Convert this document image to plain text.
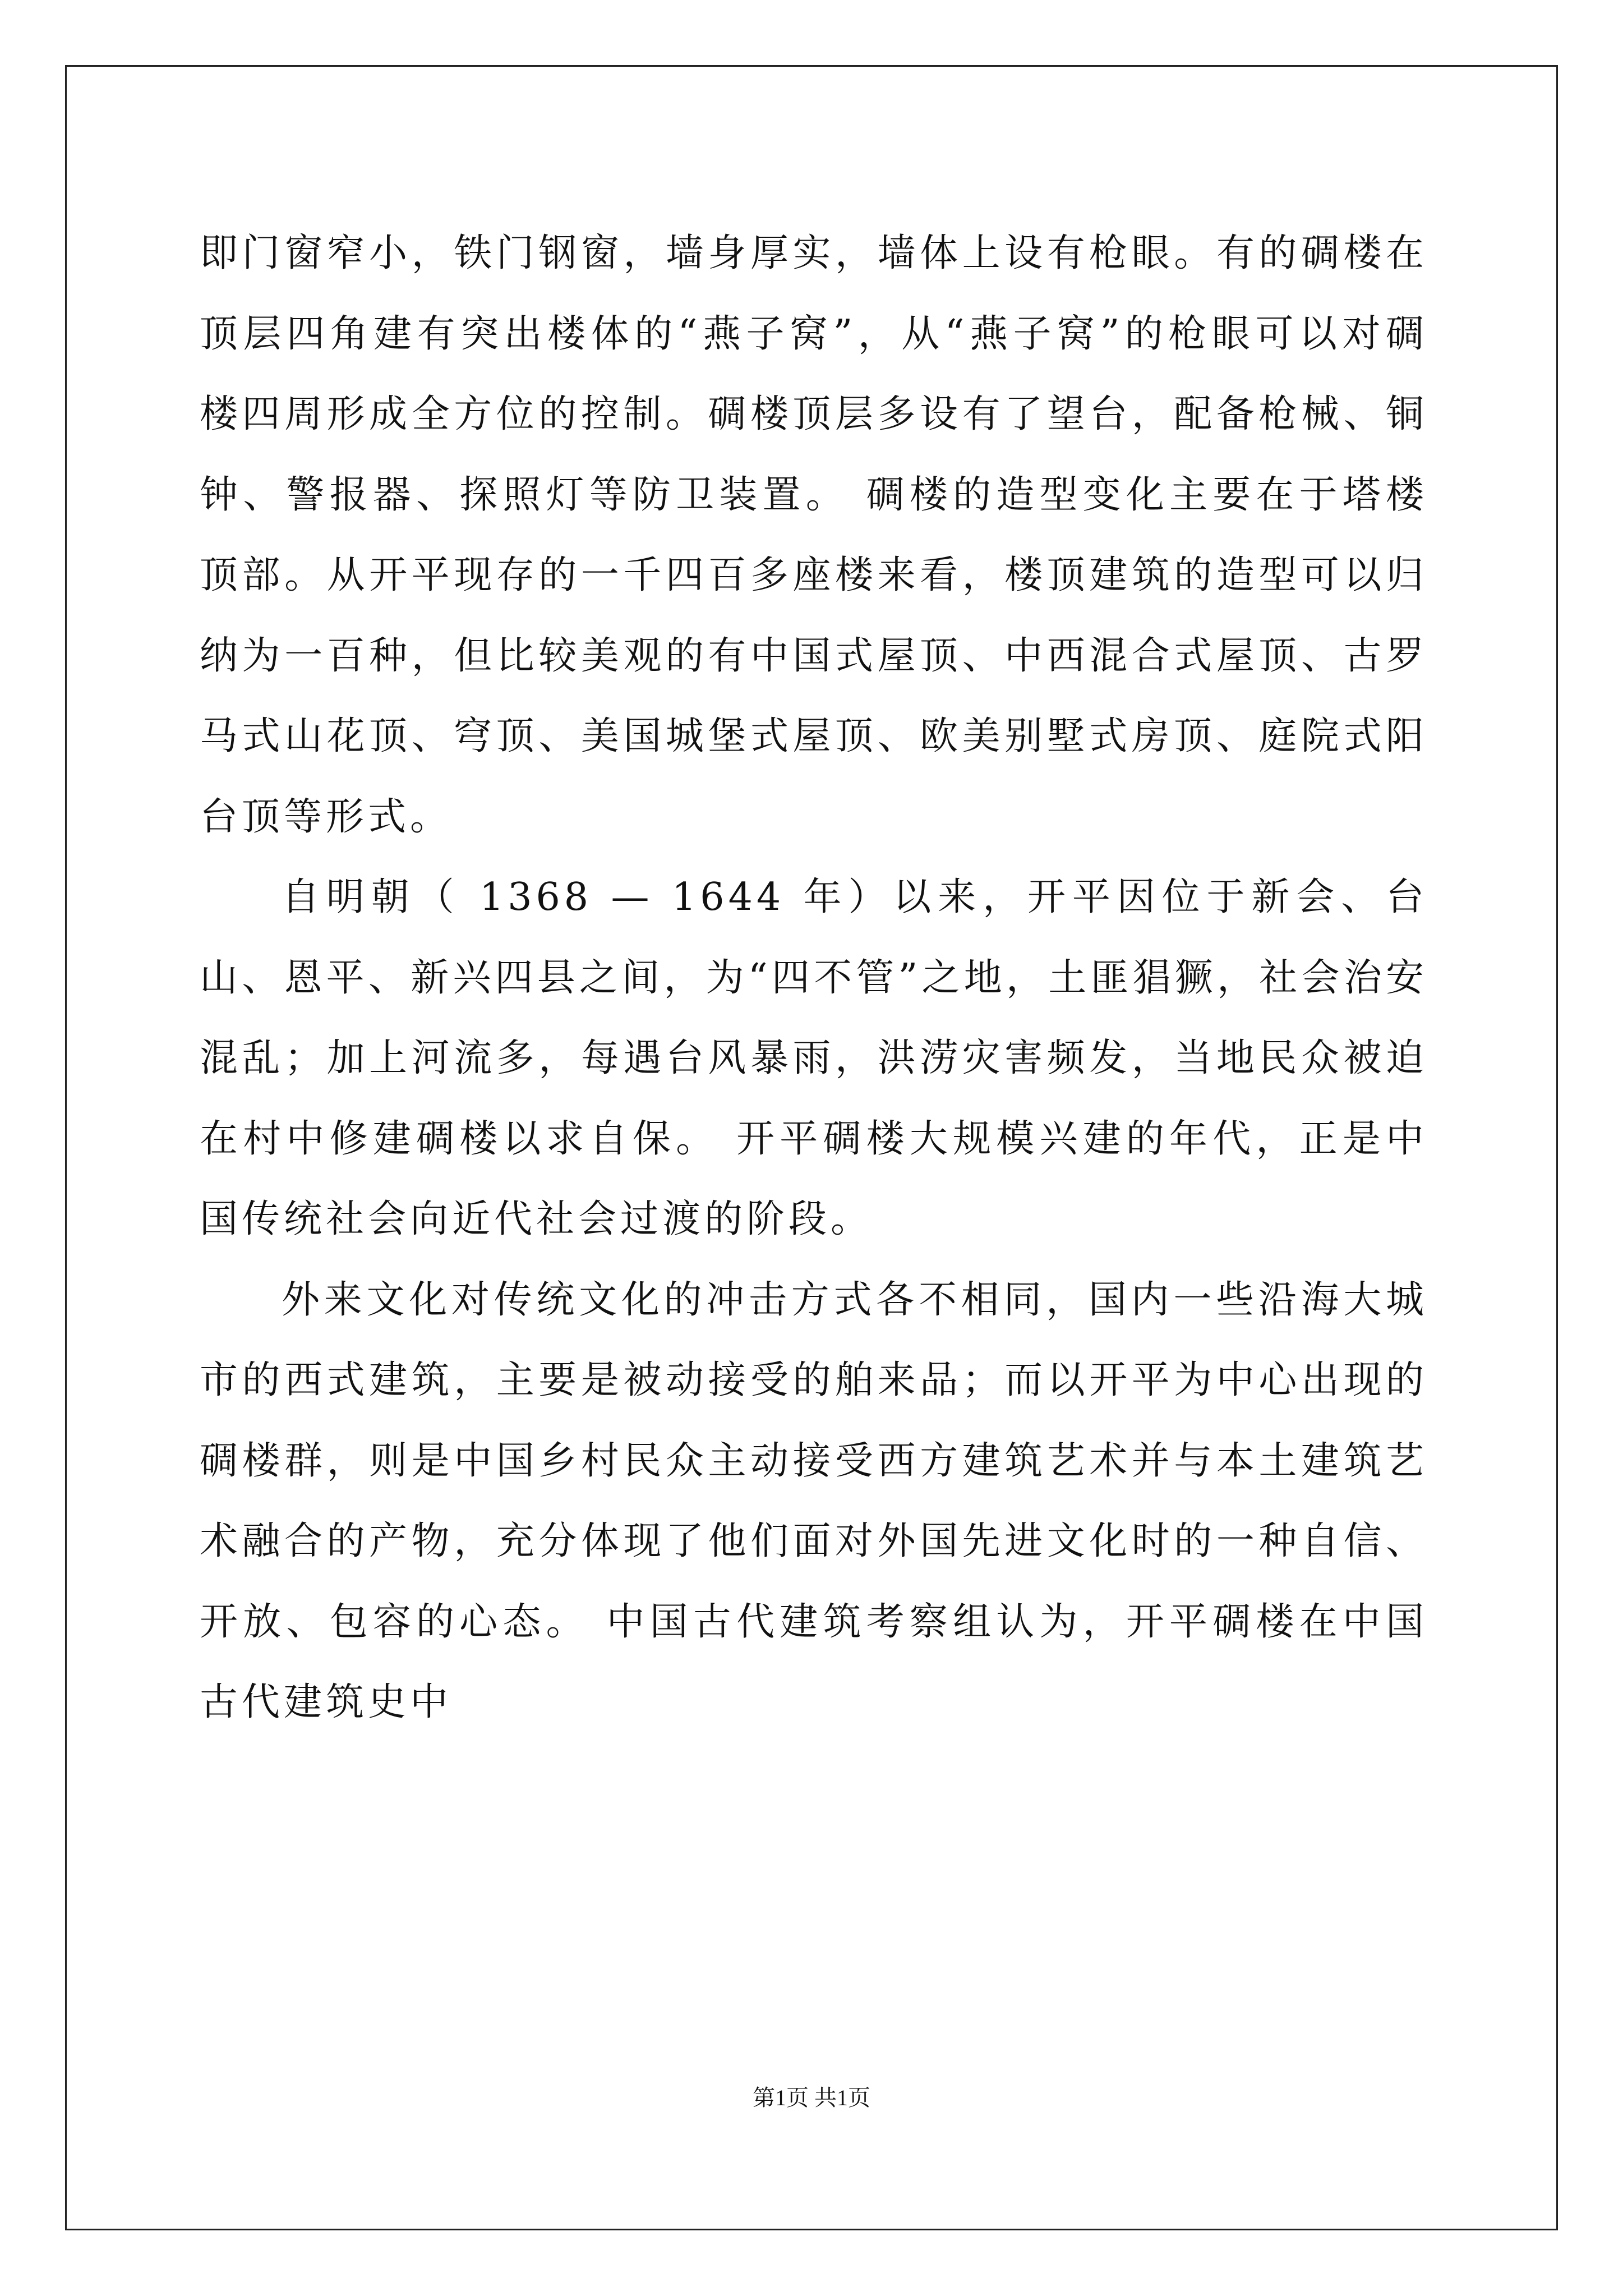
即门窗窄小，铁门钢窗，墙身厚实，墙体上设有枪眼。有的碉楼在顶层四角建有突出楼体的“燕子窝”，从“燕子窝”的枪眼可以对碉楼四周形成全方位的控制。碉楼顶层多设有了望台，配备枪械、铜钟、警报器、探照灯等防卫装置。 碉楼的造型变化主要在于塔楼顶部。从开平现存的一千四百多座楼来看，楼顶建筑的造型可以归纳为一百种，但比较美观的有中国式屋顶、中西混合式屋顶、古罗马式山花顶、穹顶、美国城堡式屋顶、欧美别墅式房顶、庭院式阳台顶等形式。

自明朝（ 1368 — 1644 年）以来，开平因位于新会、台山、恩平、新兴四县之间，为“四不管”之地，土匪猖獗，社会治安混乱；加上河流多，每遇台风暴雨，洪涝灾害频发，当地民众被迫在村中修建碉楼以求自保。 开平碉楼大规模兴建的年代，正是中国传统社会向近代社会过渡的阶段。

外来文化对传统文化的冲击方式各不相同，国内一些沿海大城市的西式建筑，主要是被动接受的舶来品；而以开平为中心出现的碉楼群，则是中国乡村民众主动接受西方建筑艺术并与本土建筑艺术融合的产物，充分体现了他们面对外国先进文化时的一种自信、开放、包容的心态。 中国古代建筑考察组认为，开平碉楼在中国古代建筑史中

第1页 共1页
